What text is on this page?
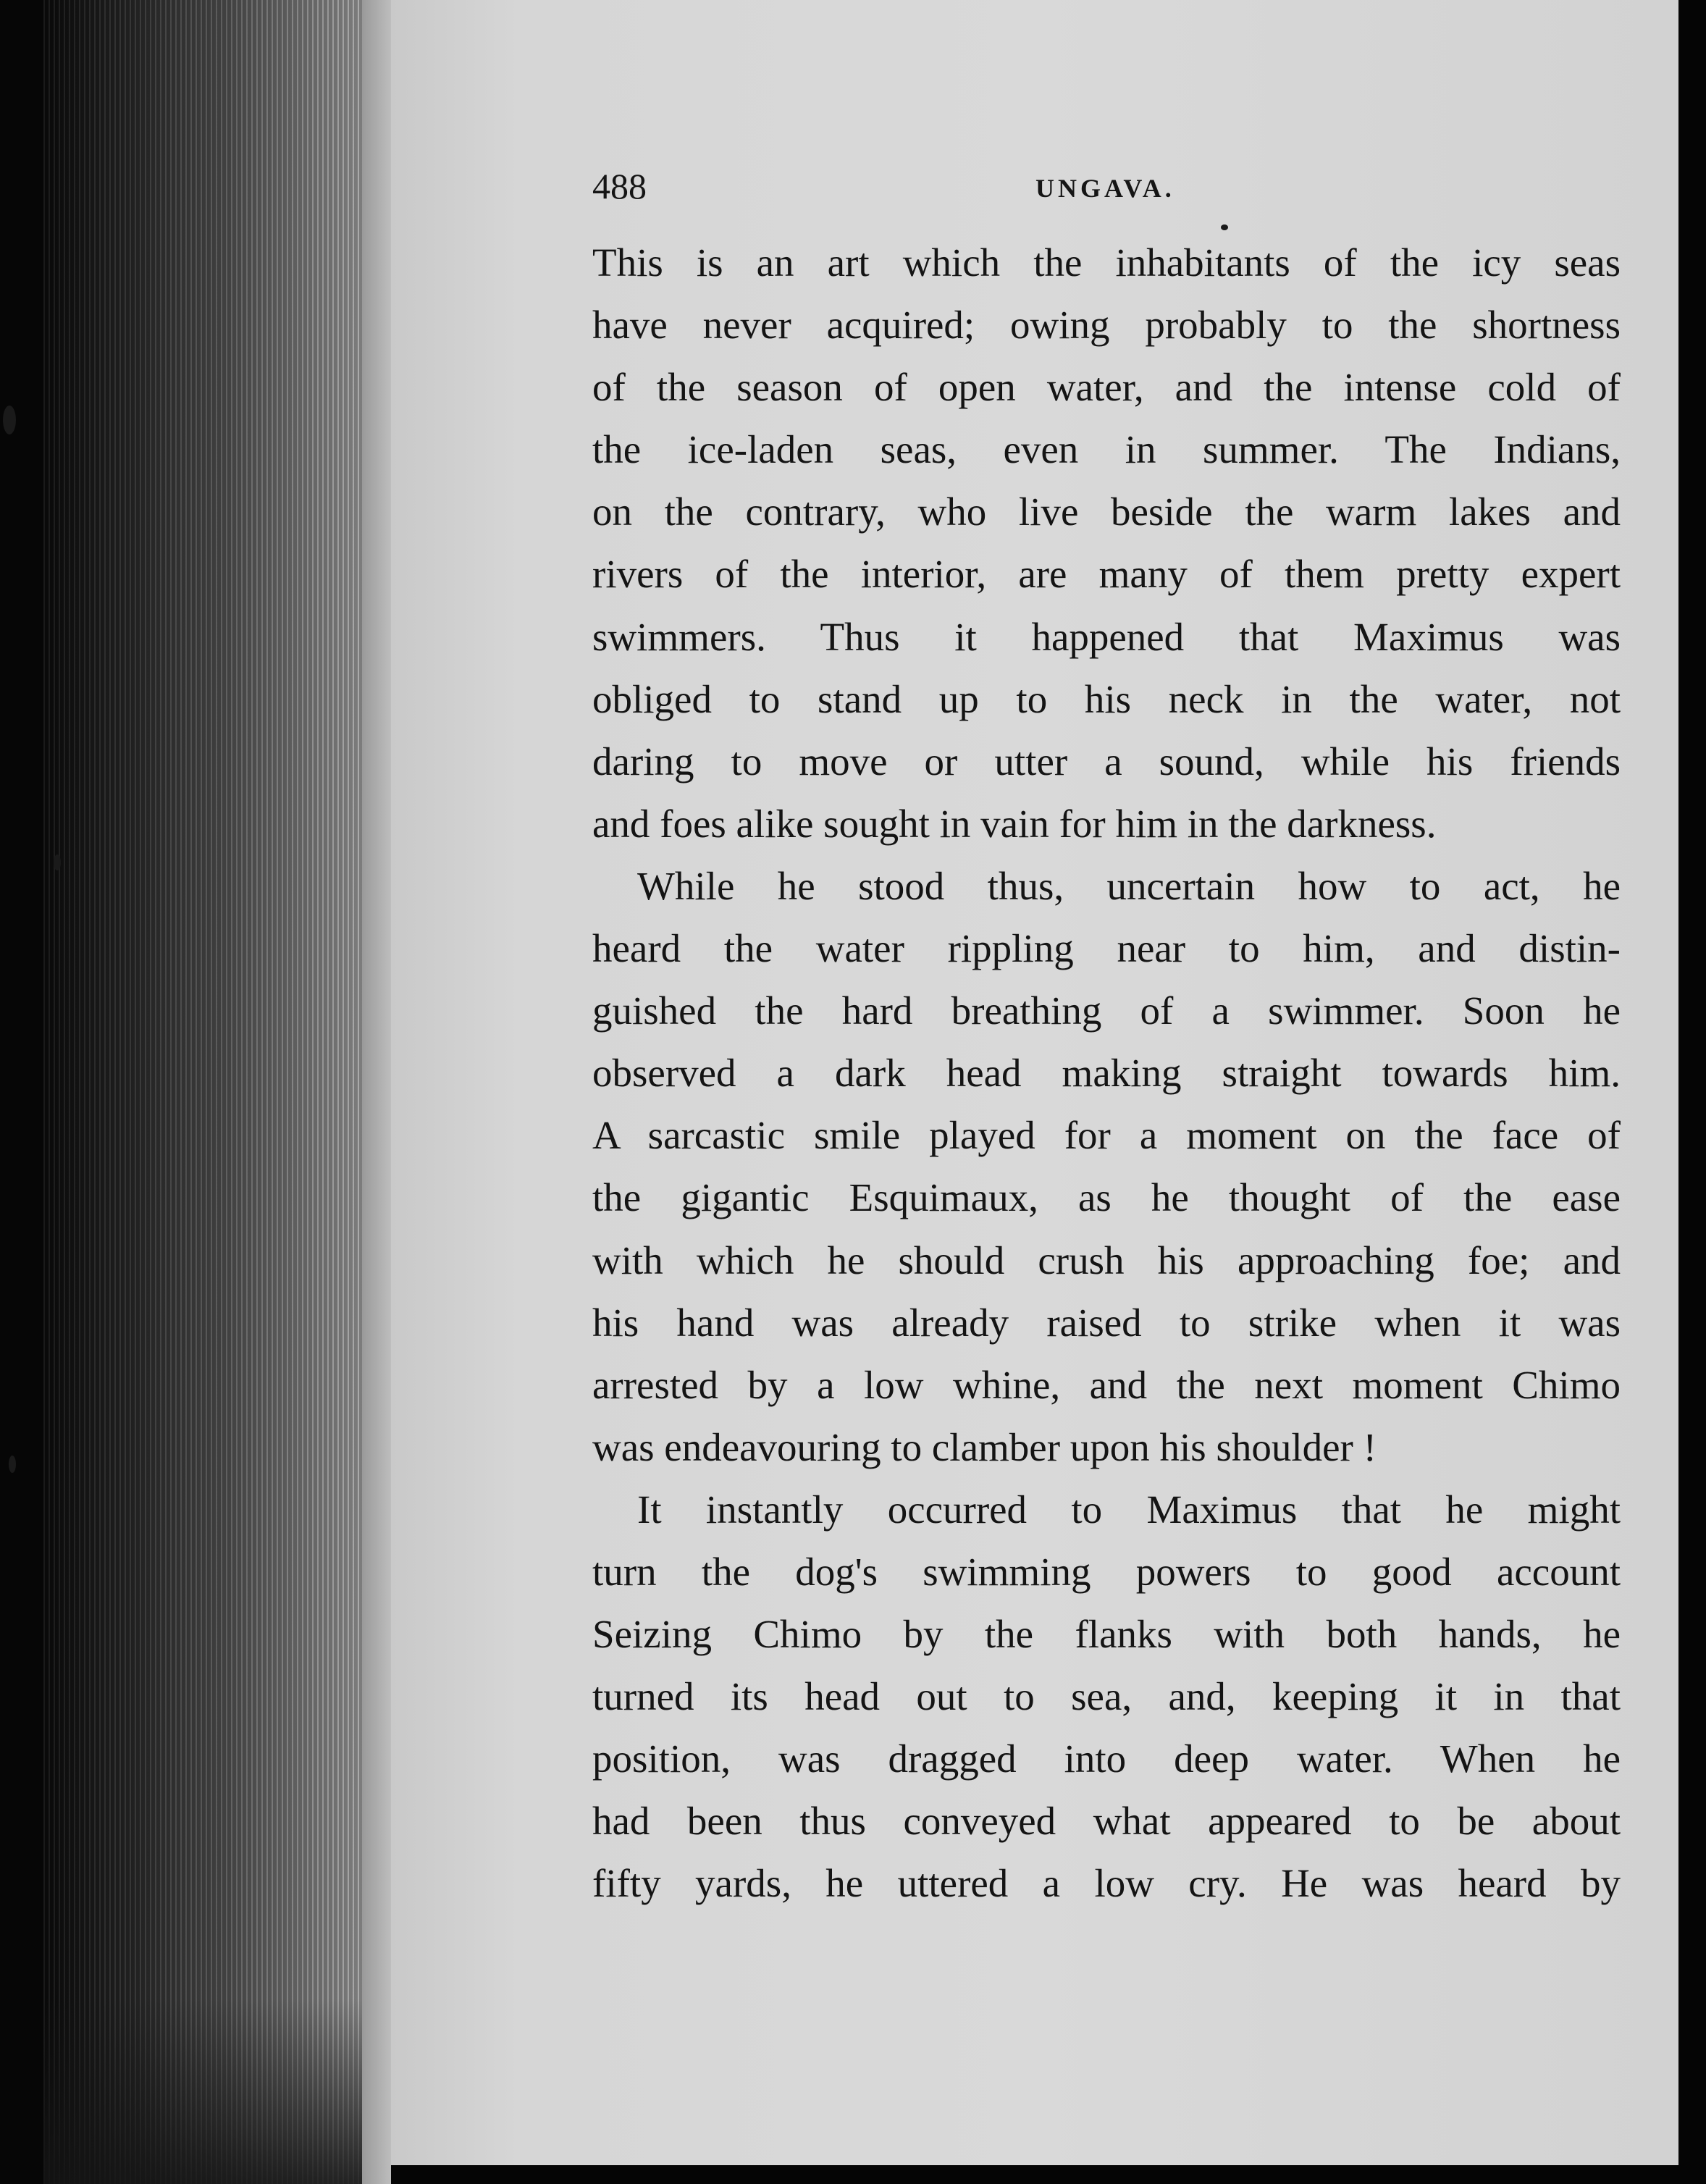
488	UNGAVA.
This is an art which the inhabitants of the icy seas
have never acquired; owing probably to the shortness
of the season of open water, and the intense cold of
the ice-laden seas, even in summer. The Indians,
on the contrary, who live beside the warm lakes and
rivers of the interior, are many of them pretty expert
swimmers. Thus it happened that Maximus was
obliged to stand up to his neck in the water, not
daring to move or utter a sound, while his friends
and foes alike sought in vain for him in the darkness.
While he stood thus, uncertain how to act, he
heard the water rippling near to him, and distin-
guished the hard breathing of a swimmer. Soon he
observed a dark head making straight towards him.
A sarcastic smile played for a moment on the face of
the gigantic Esquimaux, as he thought of the ease
with which he should crush his approaching foe; and
his hand was already raised to strike when it was
arrested by a low whine, and the next moment Chimo
was endeavouring to clamber upon his shoulder !
It instantly occurred to Maximus that he might
turn the dog's swimming powers to good account
Seizing Chimo by the flanks with both hands, he
turned its head out to sea, and, keeping it in that
position, was dragged into deep water. When he
had been thus conveyed what appeared to be about
fifty yards, he uttered a low cry. He was heard by
